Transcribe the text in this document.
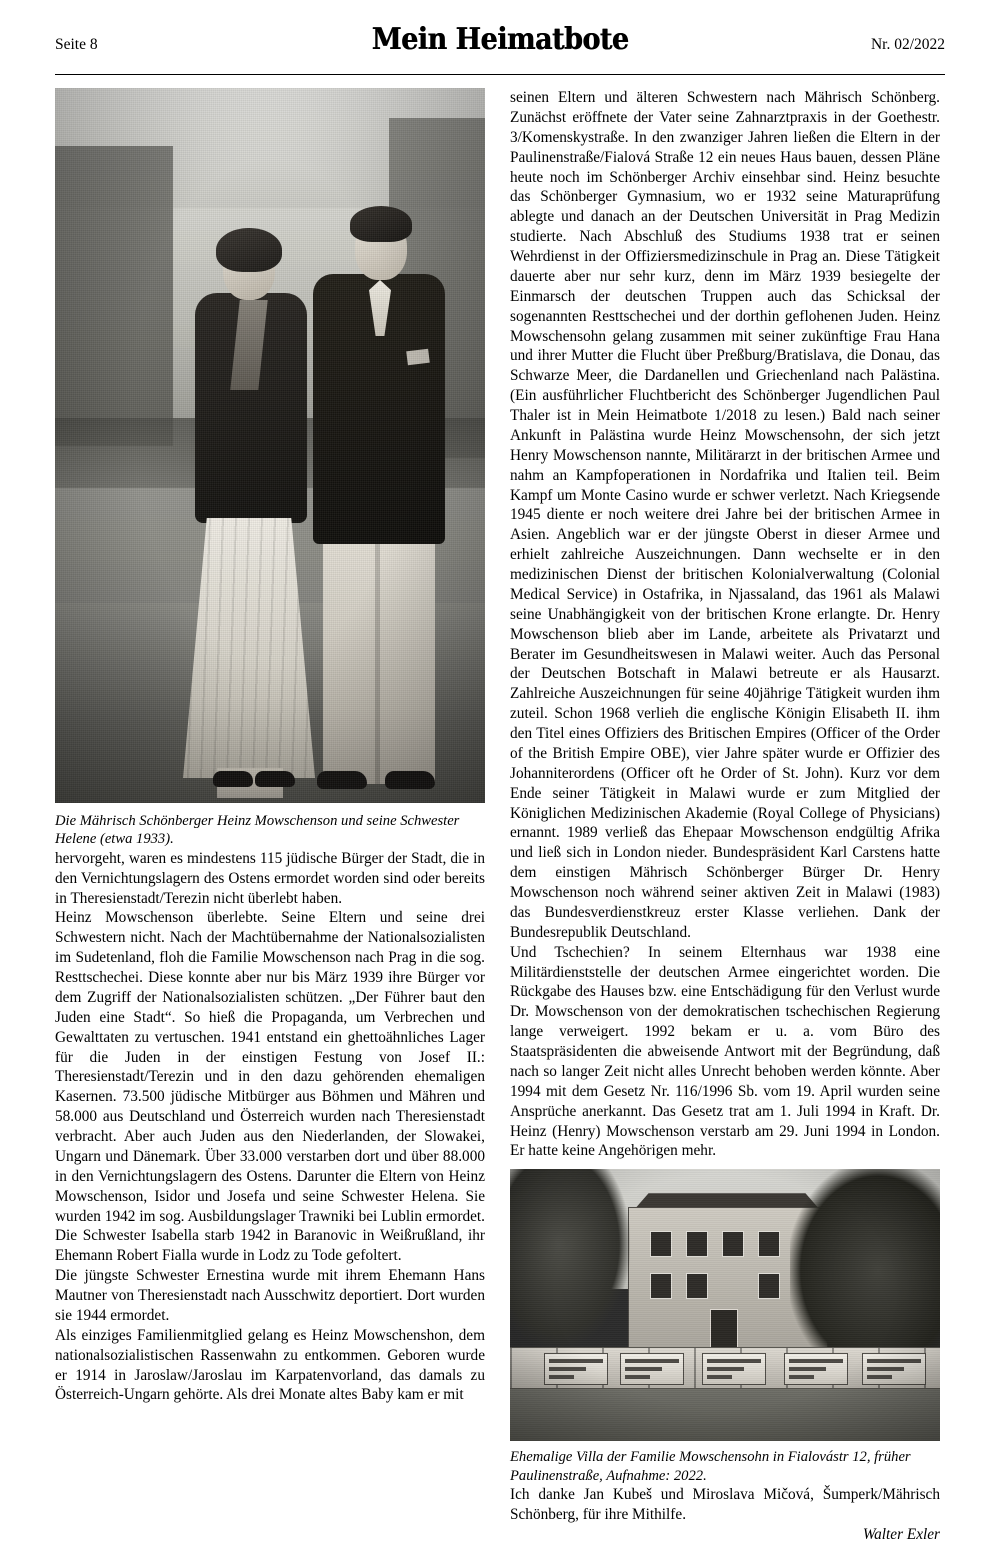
Seite 8	Mein Heimatbote	Nr. 02/2022

Die Mährisch Schönberger Heinz Mowschenson und seine Schwester Helene (etwa 1933).

hervorgeht, waren es mindestens 115 jüdische Bürger der Stadt, die in den Vernichtungslagern des Ostens ermordet worden sind oder bereits in Theresienstadt/Terezin nicht überlebt haben.

Heinz Mowschenson überlebte. Seine Eltern und seine drei Schwestern nicht. Nach der Machtübernahme der Nationalsozialisten im Sudetenland, floh die Familie Mowschenson nach Prag in die sog. Resttschechei. Diese konnte aber nur bis März 1939 ihre Bürger vor dem Zugriff der Nationalsozialisten schützen. „Der Führer baut den Juden eine Stadt“. So hieß die Propaganda, um Verbrechen und Gewalttaten zu vertuschen. 1941 entstand ein ghettoähnliches Lager für die Juden in der einstigen Festung von Josef II.: Theresienstadt/Terezin und in den dazu gehörenden ehemaligen Kasernen. 73.500 jüdische Mitbürger aus Böhmen und Mähren und 58.000 aus Deutschland und Österreich wurden nach Theresienstadt verbracht. Aber auch Juden aus den Niederlanden, der Slowakei, Ungarn und Dänemark. Über 33.000 verstarben dort und über 88.000 in den Vernichtungslagern des Ostens. Darunter die Eltern von Heinz Mowschenson, Isidor und Josefa und seine Schwester Helena. Sie wurden 1942 im sog. Ausbildungslager Trawniki bei Lublin ermordet. Die Schwester Isabella starb 1942 in Baranovic in Weißrußland, ihr Ehemann Robert Fialla wurde in Lodz zu Tode gefoltert.

Die jüngste Schwester Ernestina wurde mit ihrem Ehemann Hans Mautner von Theresienstadt nach Ausschwitz deportiert. Dort wurden sie 1944 ermordet.

Als einziges Familienmitglied gelang es Heinz Mowschenshon, dem nationalsozialistischen Rassenwahn zu entkommen. Geboren wurde er 1914 in Jaroslaw/Jaroslau im Karpatenvorland, das damals zu Österreich-Ungarn gehörte. Als drei Monate altes Baby kam er mit

seinen Eltern und älteren Schwestern nach Mährisch Schönberg. Zunächst eröffnete der Vater seine Zahnarztpraxis in der Goethestr. 3/Komenskystraße. In den zwanziger Jahren ließen die Eltern in der Paulinenstraße/Fialová Straße 12 ein neues Haus bauen, dessen Pläne heute noch im Schönberger Archiv einsehbar sind. Heinz besuchte das Schönberger Gymnasium, wo er 1932 seine Maturaprüfung ablegte und danach an der Deutschen Universität in Prag Medizin studierte. Nach Abschluß des Studiums 1938 trat er seinen Wehrdienst in der Offiziersmedizinschule in Prag an. Diese Tätigkeit dauerte aber nur sehr kurz, denn im März 1939 besiegelte der Einmarsch der deutschen Truppen auch das Schicksal der sogenannten Resttschechei und der dorthin geflohenen Juden. Heinz Mowschensohn gelang zusammen mit seiner zukünftige Frau Hana und ihrer Mutter die Flucht über Preßburg/Bratislava, die Donau, das Schwarze Meer, die Dardanellen und Griechenland nach Palästina. (Ein ausführlicher Fluchtbericht des Schönberger Jugendlichen Paul Thaler ist in Mein Heimatbote 1/2018 zu lesen.) Bald nach seiner Ankunft in Palästina wurde Heinz Mowschensohn, der sich jetzt Henry Mowschenson nannte, Militärarzt in der britischen Armee und nahm an Kampfoperationen in Nordafrika und Italien teil. Beim Kampf um Monte Casino wurde er schwer verletzt. Nach Kriegsende 1945 diente er noch weitere drei Jahre bei der britischen Armee in Asien. Angeblich war er der jüngste Oberst in dieser Armee und erhielt zahlreiche Auszeichnungen. Dann wechselte er in den medizinischen Dienst der britischen Kolonialverwaltung (Colonial Medical Service) in Ostafrika, in Njassaland, das 1961 als Malawi seine Unabhängigkeit von der britischen Krone erlangte. Dr. Henry Mowschenson blieb aber im Lande, arbeitete als Privatarzt und Berater im Gesundheitswesen in Malawi weiter. Auch das Personal der Deutschen Botschaft in Malawi betreute er als Hausarzt. Zahlreiche Auszeichnungen für seine 40jährige Tätigkeit wurden ihm zuteil. Schon 1968 verlieh die englische Königin Elisabeth II. ihm den Titel eines Offiziers des Britischen Empires (Officer of the Order of the British Empire OBE), vier Jahre später wurde er Offizier des Johanniterordens (Officer oft he Order of St. John). Kurz vor dem Ende seiner Tätigkeit in Malawi wurde er zum Mitglied der Königlichen Medizinischen Akademie (Royal College of Physicians) ernannt. 1989 verließ das Ehepaar Mowschenson endgültig Afrika und ließ sich in London nieder. Bundespräsident Karl Carstens hatte dem einstigen Mährisch Schönberger Bürger Dr. Henry Mowschenson noch während seiner aktiven Zeit in Malawi (1983) das Bundesverdienstkreuz erster Klasse verliehen. Dank der Bundesrepublik Deutschland.

Und Tschechien? In seinem Elternhaus war 1938 eine Militärdienststelle der deutschen Armee eingerichtet worden. Die Rückgabe des Hauses bzw. eine Entschädigung für den Verlust wurde Dr. Mowschenson von der demokratischen tschechischen Regierung lange verweigert. 1992 bekam er u. a. vom Büro des Staatspräsidenten die abweisende Antwort mit der Begründung, daß nach so langer Zeit nicht alles Unrecht behoben werden könnte. Aber 1994 mit dem Gesetz Nr. 116/1996 Sb. vom 19. April wurden seine Ansprüche anerkannt. Das Gesetz trat am 1. Juli 1994 in Kraft. Dr. Heinz (Henry) Mowschenson verstarb am 29. Juni 1994 in London. Er hatte keine Angehörigen mehr.

Ehemalige Villa der Familie Mowschensohn in Fialovástr 12, früher Paulinenstraße, Aufnahme: 2022.

Ich danke Jan Kubeš und Miroslava Mičová, Šumperk/Mährisch Schönberg, für ihre Mithilfe.

Walter Exler
